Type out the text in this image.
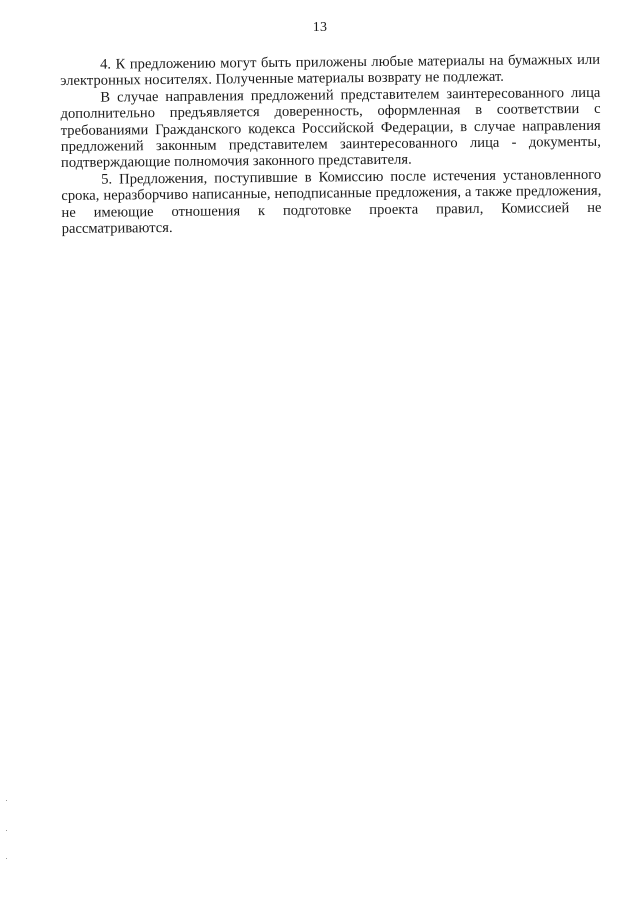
13

4. К предложению могут быть приложены любые материалы на бумажных или электронных носителях. Полученные материалы возврату не подлежат.

В случае направления предложений представителем заинтересованного лица дополнительно предъявляется доверенность, оформленная в соответствии с требованиями Гражданского кодекса Российской Федерации, в случае направления предложений законным представителем заинтересованного лица - документы, подтверждающие полномочия законного представителя.

5. Предложения, поступившие в Комиссию после истечения установленного срока, неразборчиво написанные, неподписанные предложения, а также предложения, не имеющие отношения к подготовке проекта правил, Комиссией не рассматриваются.
